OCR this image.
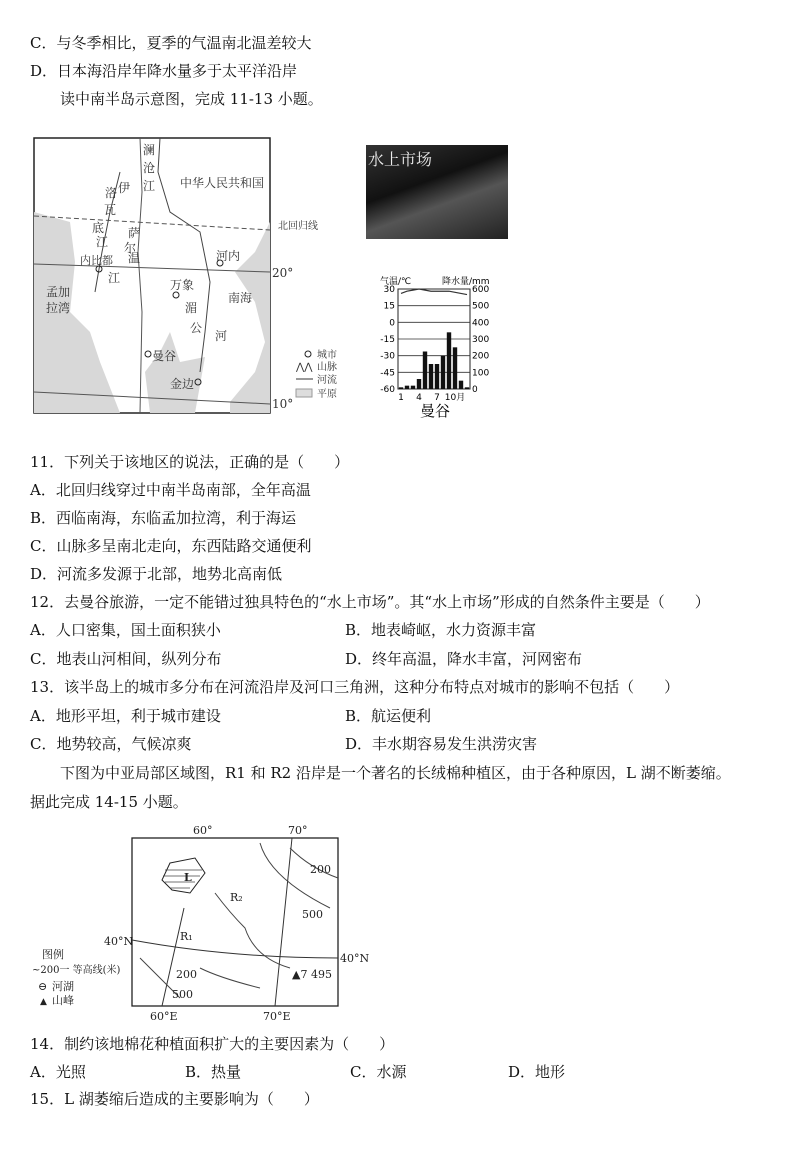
C．与冬季相比，夏季的气温南北温差较大
D．日本海沿岸年降水量多于太平洋沿岸
读中南半岛示意图，完成 11-13 小题。
澜
沧
江 中华人民共和国
北回归线
洛 伊
瓦
底
江
萨
尔
温
江
内比都	河内
20°
10°
孟加
拉湾
万象
湄
公
河
南海
曼谷
金边
城市
⋀⋀ 山脉
河流
平原
水上市场
气温/℃	降水量/mm
30
15
0
-15
-30
-45
-60
600
500
400
300
200
100
0
1 4 7 10月
曼谷
11．下列关于该地区的说法，正确的是（　　）
A．北回归线穿过中南半岛南部，全年高温
B．西临南海，东临孟加拉湾，利于海运
C．山脉多呈南北走向，东西陆路交通便利
D．河流多发源于北部，地势北高南低
12．去曼谷旅游，一定不能错过独具特色的“水上市场”。其“水上市场”形成的自然条件主要是（　　）
A．人口密集，国土面积狭小	B．地表崎岖，水力资源丰富
C．地表山河相间，纵列分布	D．终年高温，降水丰富，河网密布
13．该半岛上的城市多分布在河流沿岸及河口三角洲，这种分布特点对城市的影响不包括（　　）
A．地形平坦，利于城市建设	B．航运便利
C．地势较高，气候凉爽	D．丰水期容易发生洪涝灾害
下图为中亚局部区域图，R1 和 R2 沿岸是一个著名的长绒棉种植区，由于各种原因，L 湖不断萎缩。
据此完成 14-15 小题。
60°	70°
60°E	70°E
40°N
40°N
L
R₁
R₂
200
500
200
500
▲7 495
图例
~200一 等高线(米)
⊖ 河湖
▲ 山峰
14．制约该地棉花种植面积扩大的主要因素为（　　）
A．光照	B．热量	C．水源	D．地形
15．L 湖萎缩后造成的主要影响为（　　）
